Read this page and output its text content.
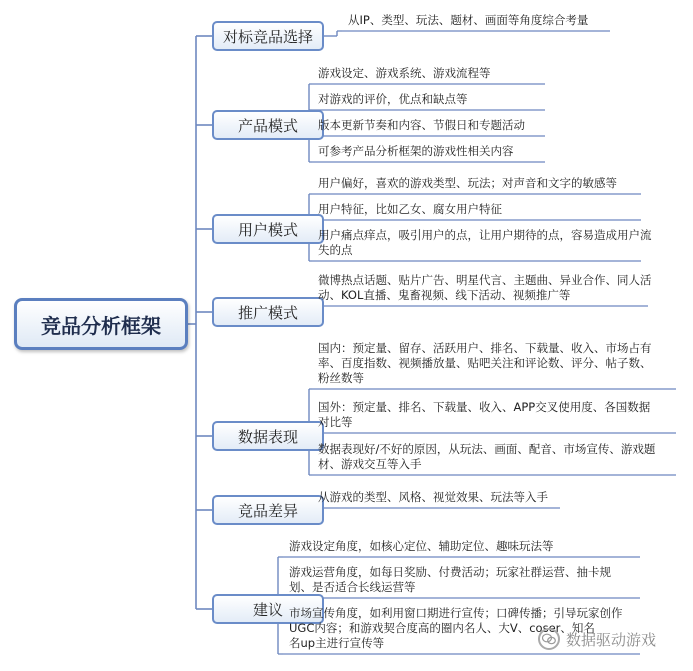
竞品分析框架
对标竞品选择
产品模式
用户模式
推广模式
数据表现
竞品差异
建议
从IP、类型、玩法、题材、画面等角度综合考量
游戏设定、游戏系统、游戏流程等
对游戏的评价，优点和缺点等
版本更新节奏和内容、节假日和专题活动
可参考产品分析框架的游戏性相关内容
用户偏好，喜欢的游戏类型、玩法；对声音和文字的敏感等
用户特征，比如乙女、腐女用户特征
用户痛点痒点，吸引用户的点，让用户期待的点，容易造成用户流
失的点
微博热点话题、贴片广告、明星代言、主题曲、异业合作、同人活
动、KOL直播、鬼畜视频、线下活动、视频推广等
国内：预定量、留存、活跃用户、排名、下载量、收入、市场占有
率、百度指数、视频播放量、贴吧关注和评论数、评分、帖子数、
粉丝数等
国外：预定量、排名、下载量、收入、APP交叉使用度、各国数据
对比等
数据表现好/不好的原因，从玩法、画面、配音、市场宣传、游戏题
材、游戏交互等入手
从游戏的类型、风格、视觉效果、玩法等入手
游戏设定角度，如核心定位、辅助定位、趣味玩法等
游戏运营角度，如每日奖励、付费活动；玩家社群运营、抽卡规
划、是否适合长线运营等
市场宣传角度，如利用窗口期进行宣传；口碑传播；引导玩家创作
UGC内容；和游戏契合度高的圈内名人、大V、coser、知名
名up主进行宣传等	数据驱动游戏
